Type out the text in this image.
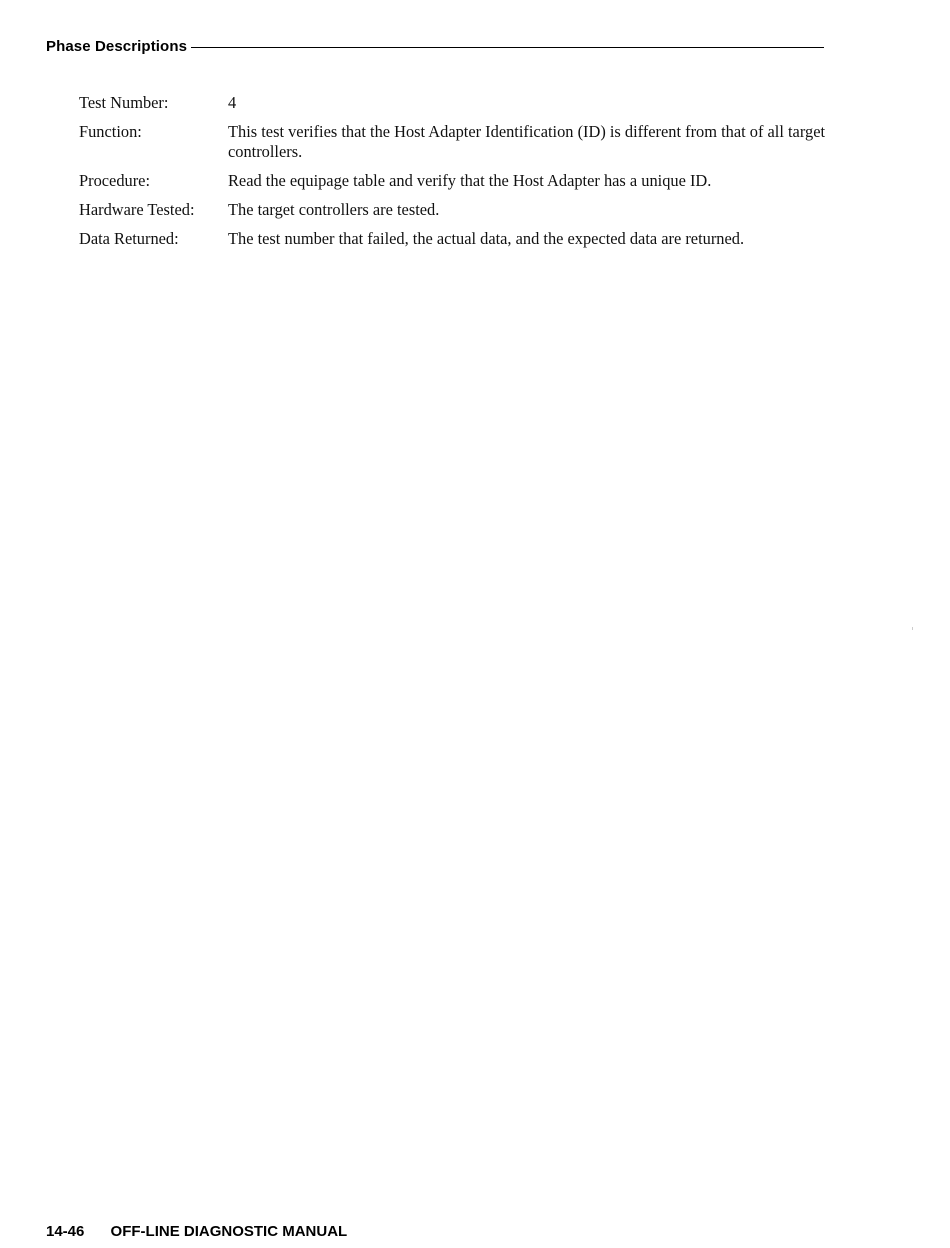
Phase Descriptions
Test Number:	4
Function:	This test verifies that the Host Adapter Identification (ID) is different from that of all target controllers.
Procedure:	Read the equipage table and verify that the Host Adapter has a unique ID.
Hardware Tested:	The target controllers are tested.
Data Returned:	The test number that failed, the actual data, and the expected data are returned.
14-46 OFF-LINE DIAGNOSTIC MANUAL
